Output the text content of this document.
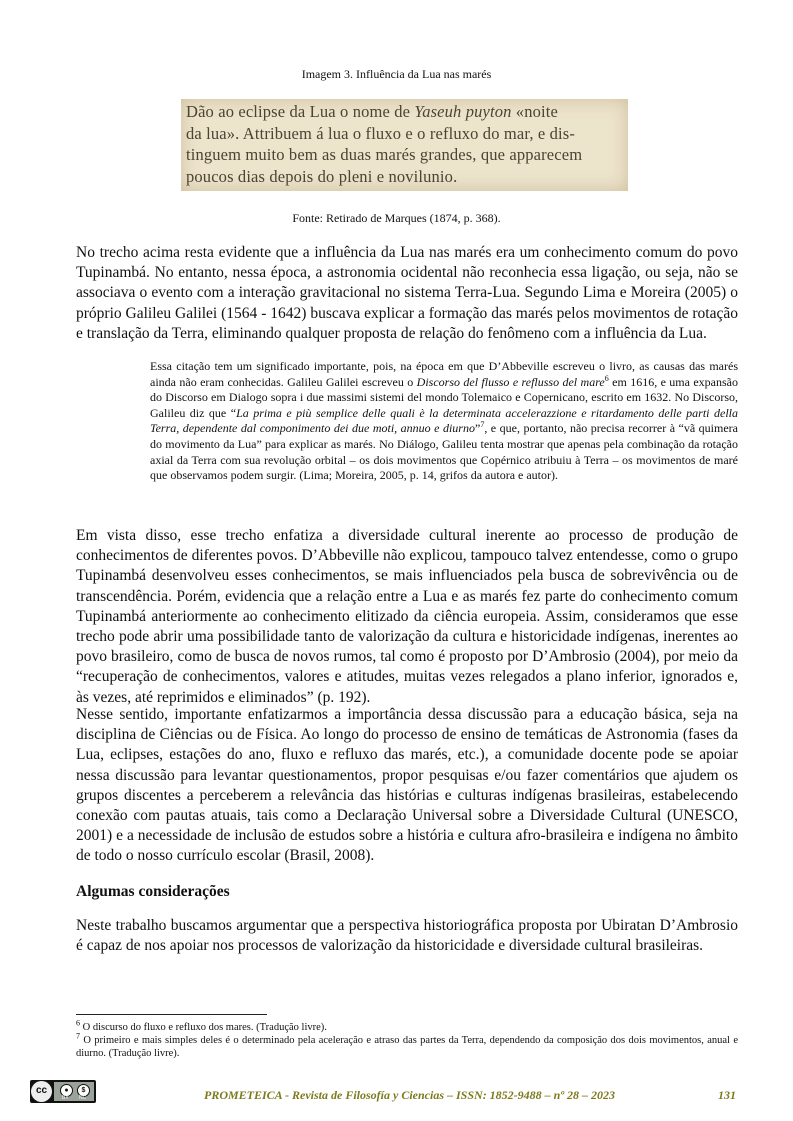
Imagem 3. Influência da Lua nas marés
Dão ao eclipse da Lua o nome de Yaseuh puyton «noite
da lua». Attribuem á lua o fluxo e o refluxo do mar, e dis-
tinguem muito bem as duas marés grandes, que apparecem
poucos dias depois do pleni e novilunio.
Fonte: Retirado de Marques (1874, p. 368).

No trecho acima resta evidente que a influência da Lua nas marés era um conhecimento comum do povo Tupinambá. No entanto, nessa época, a astronomia ocidental não reconhecia essa ligação, ou seja, não se associava o evento com a interação gravitacional no sistema Terra-Lua. Segundo Lima e Moreira (2005) o próprio Galileu Galilei (1564 - 1642) buscava explicar a formação das marés pelos movimentos de rotação e translação da Terra, eliminando qualquer proposta de relação do fenômeno com a influência da Lua.

Essa citação tem um significado importante, pois, na época em que D’Abbeville escreveu o livro, as causas das marés ainda não eram conhecidas. Galileu Galilei escreveu o Discorso del flusso e reflusso del mare$^6$ em 1616, e uma expansão do Discorso em Dialogo sopra i due massimi sistemi del mondo Tolemaico e Copernicano, escrito em 1632. No Discorso, Galileu diz que “La prima e più semplice delle quali è la determinata accelerazzione e ritardamento delle parti della Terra, dependente dal componimento dei due moti, annuo e diurno”$^7$, e que, portanto, não precisa recorrer à “vã quimera do movimento da Lua” para explicar as marés. No Diálogo, Galileu tenta mostrar que apenas pela combinação da rotação axial da Terra com sua revolução orbital – os dois movimentos que Copérnico atribuiu à Terra – os movimentos de maré que observamos podem surgir. (Lima; Moreira, 2005, p. 14, grifos da autora e autor).

Em vista disso, esse trecho enfatiza a diversidade cultural inerente ao processo de produção de conhecimentos de diferentes povos. D’Abbeville não explicou, tampouco talvez entendesse, como o grupo Tupinambá desenvolveu esses conhecimentos, se mais influenciados pela busca de sobrevivência ou de transcendência. Porém, evidencia que a relação entre a Lua e as marés fez parte do conhecimento comum Tupinambá anteriormente ao conhecimento elitizado da ciência europeia. Assim, consideramos que esse trecho pode abrir uma possibilidade tanto de valorização da cultura e historicidade indígenas, inerentes ao povo brasileiro, como de busca de novos rumos, tal como é proposto por D’Ambrosio (2004), por meio da “recuperação de conhecimentos, valores e atitudes, muitas vezes relegados a plano inferior, ignorados e, às vezes, até reprimidos e eliminados” (p. 192).

Nesse sentido, importante enfatizarmos a importância dessa discussão para a educação básica, seja na disciplina de Ciências ou de Física. Ao longo do processo de ensino de temáticas de Astronomia (fases da Lua, eclipses, estações do ano, fluxo e refluxo das marés, etc.), a comunidade docente pode se apoiar nessa discussão para levantar questionamentos, propor pesquisas e/ou fazer comentários que ajudem os grupos discentes a perceberem a relevância das histórias e culturas indígenas brasileiras, estabelecendo conexão com pautas atuais, tais como a Declaração Universal sobre a Diversidade Cultural (UNESCO, 2001) e a necessidade de inclusão de estudos sobre a história e cultura afro-brasileira e indígena no âmbito de todo o nosso currículo escolar (Brasil, 2008).

Algumas considerações

Neste trabalho buscamos argumentar que a perspectiva historiográfica proposta por Ubiratan D’Ambrosio é capaz de nos apoiar nos processos de valorização da historicidade e diversidade cultural brasileiras.

$^6$ O discurso do fluxo e refluxo dos mares. (Tradução livre).

$^7$ O primeiro e mais simples deles é o determinado pela aceleração e atraso das partes da Terra, dependendo da composição dos dois movimentos, anual e diurno. (Tradução livre).

cc	●	$
BY NC	PROMETEICA - Revista de Filosofía y Ciencias – ISSN: 1852-9488 – nº 28 – 2023	131
